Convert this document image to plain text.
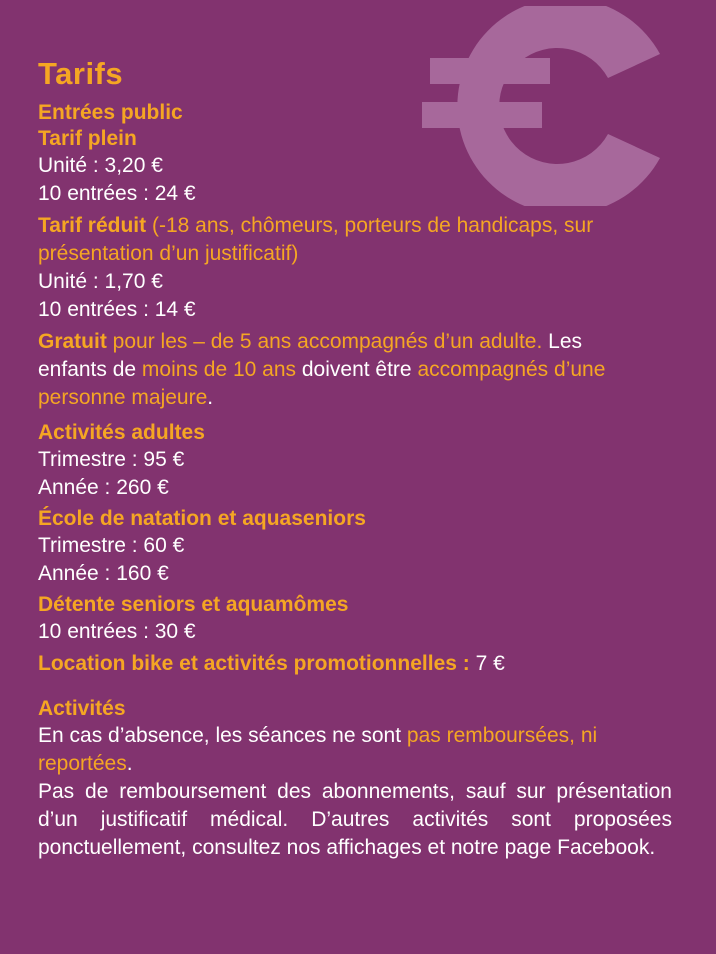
Tarifs
Entrées public
Tarif plein
Unité : 3,20 €
10 entrées : 24 €
Tarif réduit (-18 ans, chômeurs, porteurs de handicaps, sur présentation d’un justificatif)
Unité : 1,70 €
10 entrées : 14 €
Gratuit pour les – de 5 ans accompagnés d’un adulte. Les enfants de moins de 10 ans doivent être accompagnés d’une personne majeure.
Activités adultes
Trimestre : 95 €
Année : 260 €
École de natation et aquaseniors
Trimestre : 60 €
Année : 160 €
Détente seniors et aquamômes
10 entrées : 30 €
Location bike et activités promotionnelles : 7 €
Activités
En cas d’absence, les séances ne sont pas remboursées, ni reportées.
Pas de remboursement des abonnements, sauf sur présentation d’un justificatif médical. D’autres activités sont proposées ponctuellement, consultez nos affichages et notre page Facebook.
